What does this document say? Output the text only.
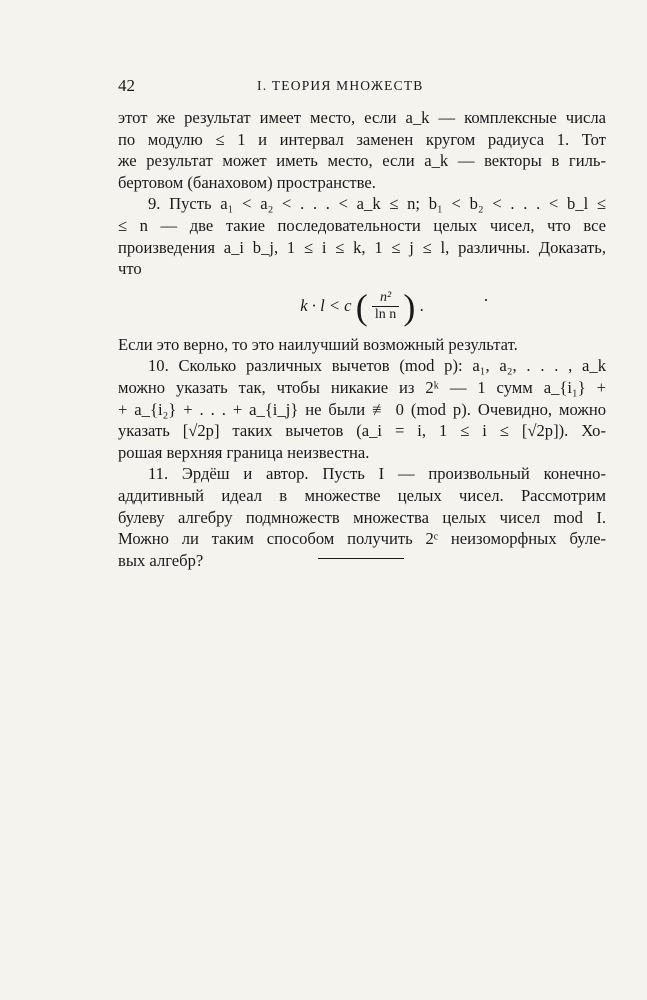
42	I. ТЕОРИЯ МНОЖЕСТВ
этот же результат имеет место, если a_k — комплексные числа
по модулю ≤ 1 и интервал заменен кругом радиуса 1. Тот
же результат может иметь место, если a_k — векторы в гиль-
бертовом (банаховом) пространстве.
9. Пусть a₁ < a₂ < . . . < a_k ≤ n; b₁ < b₂ < . . . < b_l ≤
≤ n — две такие последовательности целых чисел, что все
произведения a_i b_j, 1 ≤ i ≤ k, 1 ≤ j ≤ l, различны. Доказать,
что
k · l < c ( $\frac{\text{n²}}{\text{ln n}}$ ) .
Если это верно, то это наилучший возможный результат.
10. Сколько различных вычетов (mod p): a₁, a₂, . . . , a_k
можно указать так, чтобы никакие из 2ᵏ — 1 сумм a_{i₁} +
+ a_{i₂} + . . . + a_{i_j} не были ≢ 0 (mod p). Очевидно, можно
указать [√2p] таких вычетов (a_i = i, 1 ≤ i ≤ [√2p]). Хо-
рошая верхняя граница неизвестна.
11. Эрдёш и автор. Пусть I — произвольный конечно-
аддитивный идеал в множестве целых чисел. Рассмотрим
булеву алгебру подмножеств множества целых чисел mod I.
Можно ли таким способом получить 2ᶜ неизоморфных буле-
вых алгебр?
